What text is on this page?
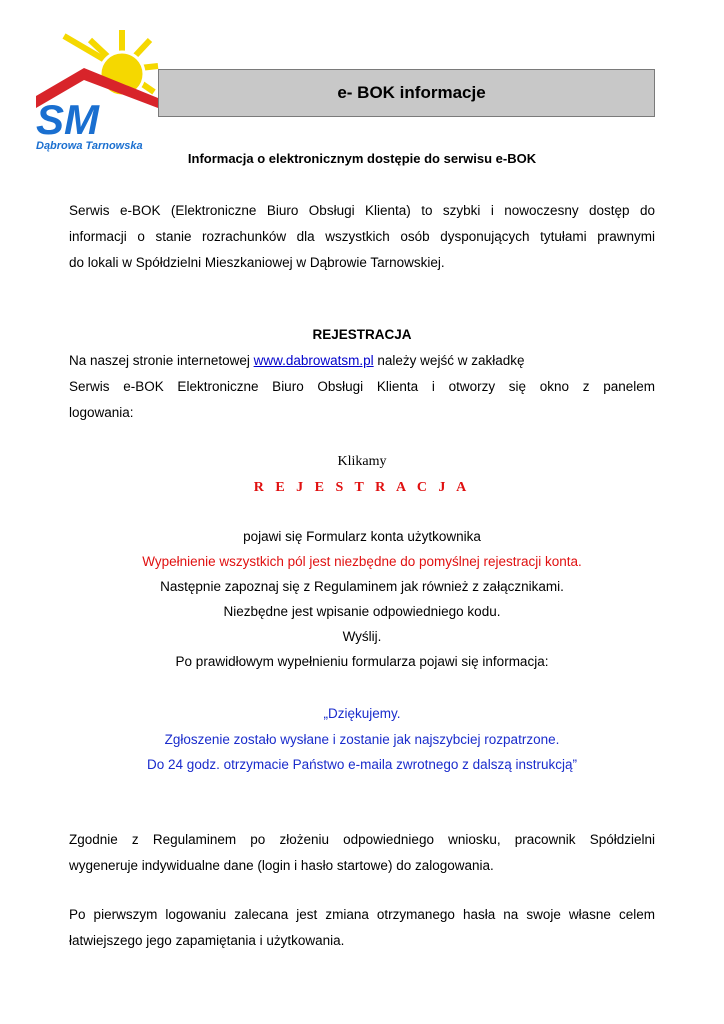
SM
Dąbrowa Tarnowska
e- BOK informacje
Informacja o elektronicznym dostępie do serwisu e-BOK
Serwis e-BOK (Elektroniczne Biuro Obsługi Klienta) to szybki i nowoczesny dostęp do
informacji o stanie rozrachunków dla wszystkich osób dysponujących tytułami prawnymi
do lokali w Spółdzielni Mieszkaniowej w Dąbrowie Tarnowskiej.
REJESTRACJA
Na naszej stronie internetowej www.dabrowatsm.pl należy wejść w zakładkę
Serwis e-BOK Elektroniczne Biuro Obsługi Klienta i otworzy się okno z panelem
logowania:
Klikamy
R E J E S T R A C J A
pojawi się Formularz konta użytkownika
Wypełnienie wszystkich pól jest niezbędne do pomyślnej rejestracji konta.
Następnie zapoznaj się z Regulaminem jak również z załącznikami.
Niezbędne jest wpisanie odpowiedniego kodu.
Wyślij.
Po prawidłowym wypełnieniu formularza pojawi się informacja:
„Dziękujemy.
Zgłoszenie zostało wysłane i zostanie jak najszybciej rozpatrzone.
Do 24 godz. otrzymacie Państwo e-maila zwrotnego z dalszą instrukcją”
Zgodnie z Regulaminem po złożeniu odpowiedniego wniosku, pracownik Spółdzielni
wygeneruje indywidualne dane (login i hasło startowe) do zalogowania.
Po pierwszym logowaniu zalecana jest zmiana otrzymanego hasła na swoje własne celem
łatwiejszego jego zapamiętania i użytkowania.
